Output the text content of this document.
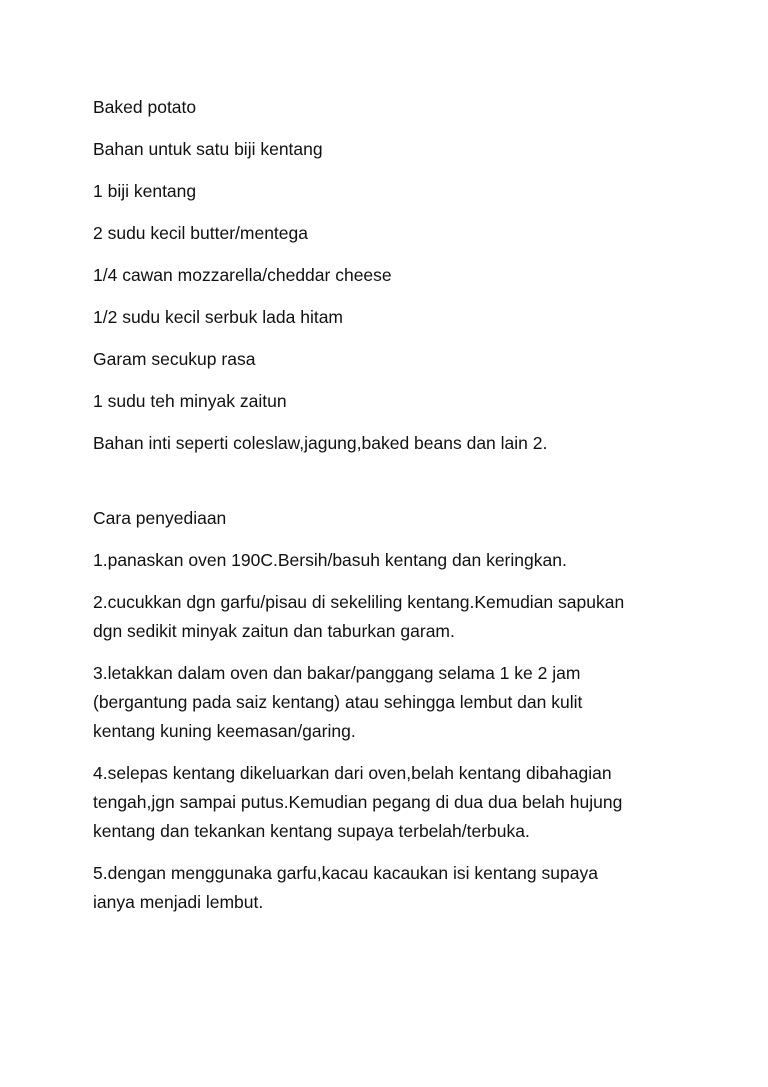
Baked potato
Bahan untuk satu biji kentang
1 biji kentang
2 sudu kecil butter/mentega
1/4 cawan mozzarella/cheddar cheese
1/2 sudu kecil serbuk lada hitam
Garam secukup rasa
1 sudu teh minyak zaitun
Bahan inti seperti coleslaw,jagung,baked beans dan lain 2.
Cara penyediaan
1.panaskan oven 190C.Bersih/basuh kentang dan keringkan.
2.cucukkan dgn garfu/pisau di sekeliling kentang.Kemudian sapukan
dgn sedikit minyak zaitun dan taburkan garam.
3.letakkan dalam oven dan bakar/panggang selama 1 ke 2 jam
(bergantung pada saiz kentang) atau sehingga lembut dan kulit
kentang kuning keemasan/garing.
4.selepas kentang dikeluarkan dari oven,belah kentang dibahagian
tengah,jgn sampai putus.Kemudian pegang di dua dua belah hujung
kentang dan tekankan kentang supaya terbelah/terbuka.
5.dengan menggunaka garfu,kacau kacaukan isi kentang supaya
ianya menjadi lembut.
